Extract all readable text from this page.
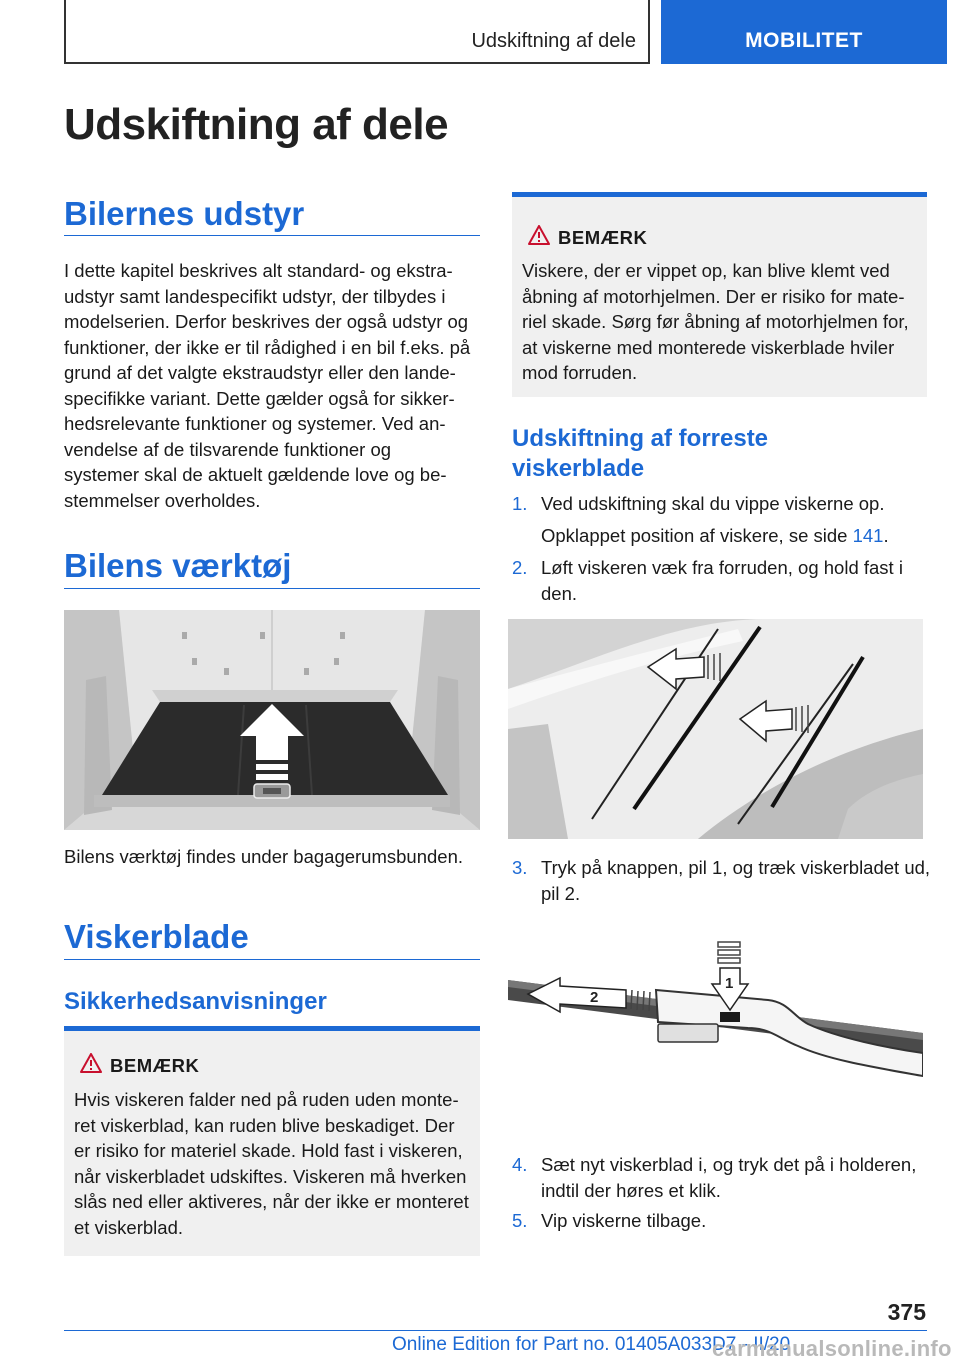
Udskiftning af dele	MOBILITET
Udskiftning af dele
Bilernes udstyr
I dette kapitel beskrives alt standard- og ekstra-
udstyr samt landespecifikt udstyr, der tilbydes i
modelserien. Derfor beskrives der også udstyr og
funktioner, der ikke er til rådighed i en bil f.eks. på
grund af det valgte ekstraudstyr eller den lande-
specifikke variant. Dette gælder også for sikker-
hedsrelevante funktioner og systemer. Ved an-
vendelse af de tilsvarende funktioner og
systemer skal de aktuelt gældende love og be-
stemmelser overholdes.
Bilens værktøj
Bilens værktøj findes under bagagerumsbunden.
Viskerblade
Sikkerhedsanvisninger
BEMÆRK
Hvis viskeren falder ned på ruden uden monte-
ret viskerblad, kan ruden blive beskadiget. Der
er risiko for materiel skade. Hold fast i viskeren,
når viskerbladet udskiftes. Viskeren må hverken
slås ned eller aktiveres, når der ikke er monteret
et viskerblad.
BEMÆRK
Viskere, der er vippet op, kan blive klemt ved
åbning af motorhjelmen. Der er risiko for mate-
riel skade. Sørg før åbning af motorhjelmen for,
at viskerne med monterede viskerblade hviler
mod forruden.
Udskiftning af forreste
viskerblade
1. Ved udskiftning skal du vippe viskerne op.
Opklappet position af viskere, se side 141.
2. Løft viskeren væk fra forruden, og hold fast i den.
3. Tryk på knappen, pil 1, og træk viskerbladet ud, pil 2.
2
1
4. Sæt nyt viskerblad i, og tryk det på i holderen, indtil der høres et klik.
5. Vip viskerne tilbage.
375
Online Edition for Part no. 01405A033D7 - II/20
carmanualsonline.info
